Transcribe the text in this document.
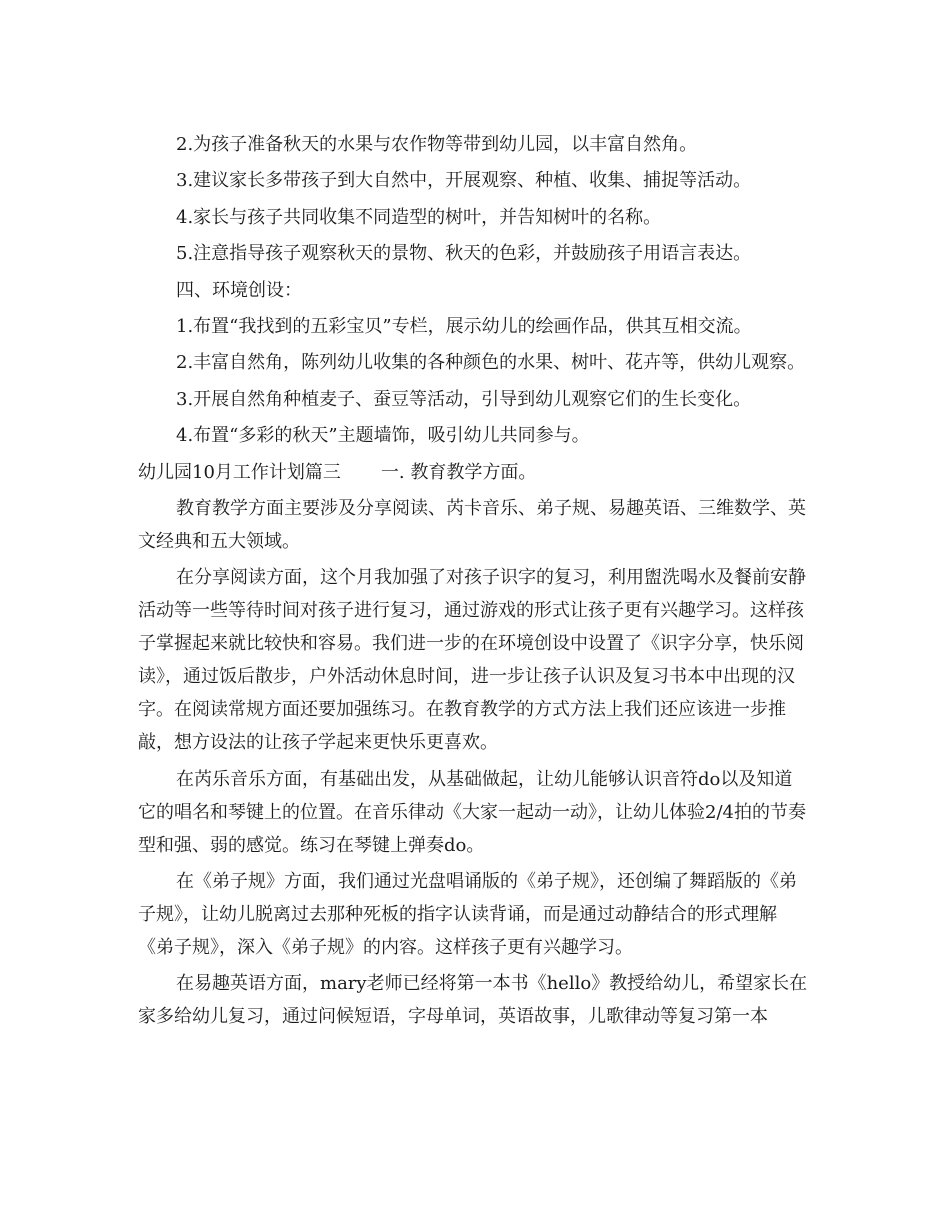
2.为孩子准备秋天的水果与农作物等带到幼儿园，以丰富自然角。

3.建议家长多带孩子到大自然中，开展观察、种植、收集、捕捉等活动。

4.家长与孩子共同收集不同造型的树叶，并告知树叶的名称。

5.注意指导孩子观察秋天的景物、秋天的色彩，并鼓励孩子用语言表达。

四、环境创设：

1.布置“我找到的五彩宝贝”专栏，展示幼儿的绘画作品，供其互相交流。

2.丰富自然角，陈列幼儿收集的各种颜色的水果、树叶、花卉等，供幼儿观察。

3.开展自然角种植麦子、蚕豆等活动，引导到幼儿观察它们的生长变化。

4.布置“多彩的秋天”主题墙饰，吸引幼儿共同参与。

幼儿园10月工作计划篇三 一. 教育教学方面。

教育教学方面主要涉及分享阅读、芮卡音乐、弟子规、易趣英语、三维数学、英文经典和五大领域。

在分享阅读方面，这个月我加强了对孩子识字的复习，利用盥洗喝水及餐前安静活动等一些等待时间对孩子进行复习，通过游戏的形式让孩子更有兴趣学习。这样孩子掌握起来就比较快和容易。我们进一步的在环境创设中设置了《识字分享，快乐阅读》，通过饭后散步，户外活动休息时间，进一步让孩子认识及复习书本中出现的汉字。在阅读常规方面还要加强练习。在教育教学的方式方法上我们还应该进一步推敲，想方设法的让孩子学起来更快乐更喜欢。

在芮乐音乐方面，有基础出发，从基础做起，让幼儿能够认识音符do以及知道它的唱名和琴键上的位置。在音乐律动《大家一起动一动》，让幼儿体验2/4拍的节奏型和强、弱的感觉。练习在琴键上弹奏do。

在《弟子规》方面，我们通过光盘唱诵版的《弟子规》，还创编了舞蹈版的《弟子规》，让幼儿脱离过去那种死板的指字认读背诵，而是通过动静结合的形式理解《弟子规》，深入《弟子规》的内容。这样孩子更有兴趣学习。

在易趣英语方面，mary老师已经将第一本书《hello》教授给幼儿，希望家长在家多给幼儿复习，通过问候短语，字母单词，英语故事，儿歌律动等复习第一本
